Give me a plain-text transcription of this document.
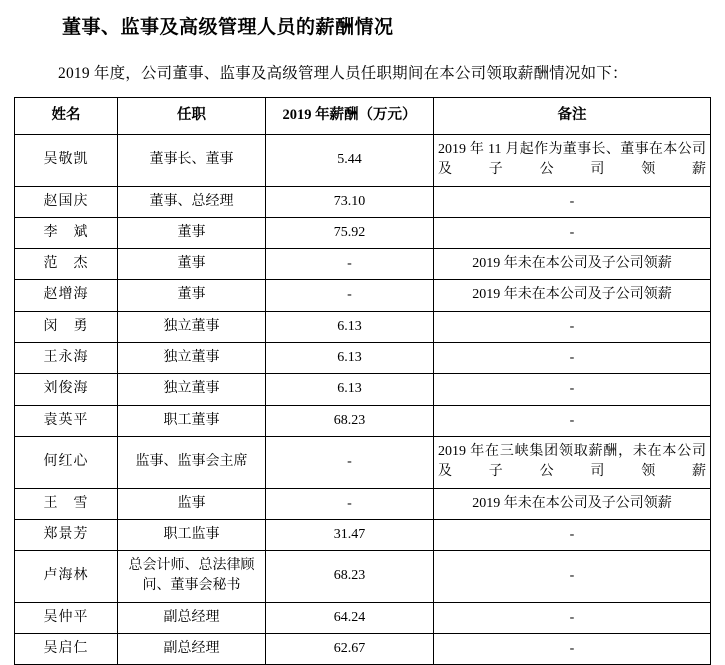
董事、监事及高级管理人员的薪酬情况

2019 年度，公司董事、监事及高级管理人员任职期间在本公司领取薪酬情况如下：

姓名	任职	2019 年薪酬（万元）	备注
吴敬凯	董事长、董事	5.44	2019 年 11 月起作为董事长、董事在本公司及子公司领薪
赵国庆	董事、总经理	73.10	-
李　斌	董事	75.92	-
范　杰	董事	-	2019 年未在本公司及子公司领薪
赵增海	董事	-	2019 年未在本公司及子公司领薪
闵　勇	独立董事	6.13	-
王永海	独立董事	6.13	-
刘俊海	独立董事	6.13	-
袁英平	职工董事	68.23	-
何红心	监事、监事会主席	-	2019 年在三峡集团领取薪酬，未在本公司及子公司领薪
王　雪	监事	-	2019 年未在本公司及子公司领薪
郑景芳	职工监事	31.47	-
卢海林	总会计师、总法律顾问、董事会秘书	68.23	-
吴仲平	副总经理	64.24	-
吴启仁	副总经理	62.67	-
